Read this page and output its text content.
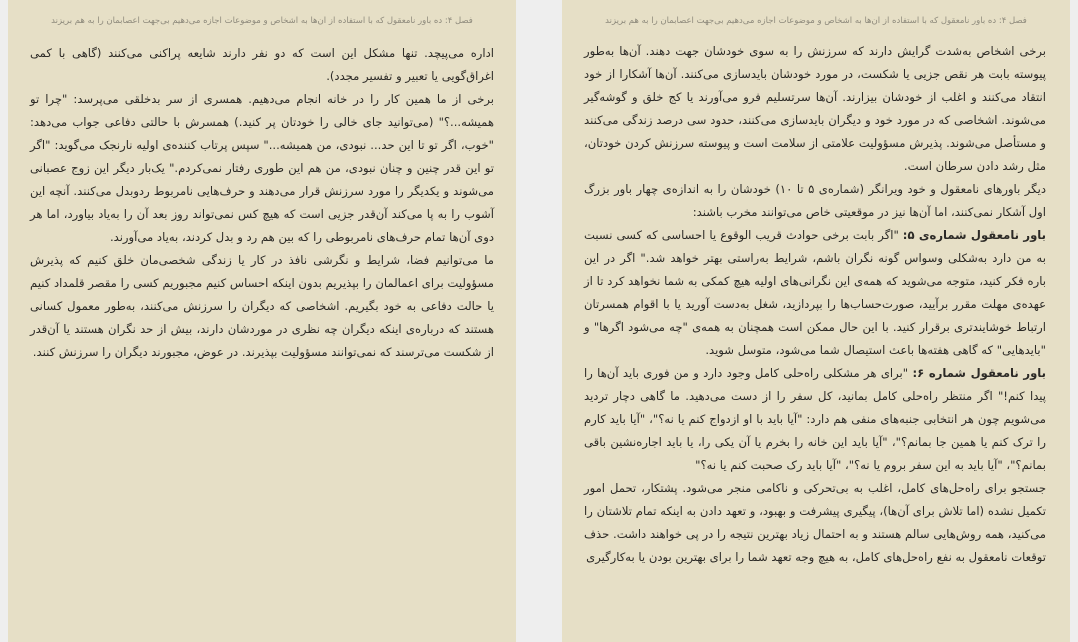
فصل ۴: ده باور نامعقول که با استفاده از آن‌ها به اشخاص و موضوعات اجازه می‌دهیم بی‌جهت اعصابمان را به هم بریزند

اداره می‌پیچد. تنها مشکل این است که دو نفر دارند شایعه پراکنی می‌کنند (گاهی با کمی اغراق‌گویی یا تعبیر و تفسیر مجدد).

برخی از ما همین کار را در خانه انجام می‌دهیم. همسری از سر بدخلقی می‌پرسد: "چرا تو همیشه...؟" (می‌توانید جای خالی را خودتان پر کنید.) همسرش با حالتی دفاعی جواب می‌دهد: "خوب، اگر تو تا این حد... نبودی، من همیشه..." سپس پرتاب کننده‌ی اولیه نارنجک می‌گوید: "اگر تو این قدر چنین و چنان نبودی، من هم این طوری رفتار نمی‌کردم." یک‌بار دیگر این زوج عصبانی می‌شوند و یکدیگر را مورد سرزنش قرار می‌دهند و حرف‌هایی نامربوط ردوبدل می‌کنند. آنچه این آشوب را به پا می‌کند آن‌قدر جزیی است که هیچ کس نمی‌تواند روز بعد آن را به‌یاد بیاورد، اما هر دوی آن‌ها تمام حرف‌های نامربوطی را که بین هم رد و بدل کردند، به‌یاد می‌آورند.

ما می‌توانیم فضا، شرایط و نگرشی نافذ در کار یا زندگی شخصی‌مان خلق کنیم که پذیرش مسؤولیت برای اعمالمان را بپذیریم بدون اینکه احساس کنیم مجبوریم کسی را مقصر قلمداد کنیم یا حالت دفاعی به خود بگیریم. اشخاصی که دیگران را سرزنش می‌کنند، به‌طور معمول کسانی هستند که درباره‌ی اینکه دیگران چه نظری در موردشان دارند، بیش از حد نگران هستند یا آن‌قدر از شکست می‌ترسند که نمی‌توانند مسؤولیت بپذیرند. در عوض، مجبورند دیگران را سرزنش کنند.

فصل ۴: ده باور نامعقول که با استفاده از آن‌ها به اشخاص و موضوعات اجازه می‌دهیم بی‌جهت اعصابمان را به هم بریزند

برخی اشخاص به‌شدت گرایش دارند که سرزنش را به سوی خودشان جهت دهند. آن‌ها به‌طور پیوسته بابت هر نقص جزیی یا شکست، در مورد خودشان بایدسازی می‌کنند. آن‌ها آشکارا از خود انتقاد می‌کنند و اغلب از خودشان بیزارند. آن‌ها سرتسلیم فرو می‌آورند یا کج خلق و گوشه‌گیر می‌شوند. اشخاصی که در مورد خود و دیگران بایدسازی می‌کنند، حدود سی درصد زندگی می‌کنند و مستأصل می‌شوند. پذیرش مسؤولیت علامتی از سلامت است و پیوسته سرزنش کردن خودتان، مثل رشد دادن سرطان است.

دیگر باورهای نامعقول و خود ویرانگر (شماره‌ی ۵ تا ۱۰) خودشان را به اندازه‌ی چهار باور بزرگ اول آشکار نمی‌کنند، اما آن‌ها نیز در موقعیتی خاص می‌توانند مخرب باشند:

باور نامعقول شماره‌ی ۵: "اگر بابت برخی حوادث قریب الوقوع یا احساسی که کسی نسبت به من دارد به‌شکلی وسواس گونه نگران باشم، شرایط به‌راستی بهتر خواهد شد." اگر در این باره فکر کنید، متوجه می‌شوید که همه‌ی این نگرانی‌های اولیه هیچ کمکی به شما نخواهد کرد تا از عهده‌ی مهلت مقرر برآیید، صورت‌حساب‌ها را بپردازید، شغل به‌دست آورید یا با اقوام همسرتان ارتباط خوشایندتری برقرار کنید. با این حال ممکن است همچنان به همه‌ی "چه می‌شود اگرها" و "بایدهایی" که گاهی هفته‌ها باعث استیصال شما می‌شود، متوسل شوید.

باور نامعقول شماره ۶: "برای هر مشکلی راه‌حلی کامل وجود دارد و من فوری باید آن‌ها را پیدا کنم!" اگر منتظر راه‌حلی کامل بمانید، کل سفر را از دست می‌دهید. ما گاهی دچار تردید می‌شویم چون هر انتخابی جنبه‌های منفی هم دارد: "آیا باید با او ازدواج کنم یا نه؟"، "آیا باید کارم را ترک کنم یا همین جا بمانم؟"، "آیا باید این خانه را بخرم یا آن یکی را، یا باید اجاره‌نشین باقی بمانم؟"، "آیا باید به این سفر بروم یا نه؟"، "آیا باید رک صحبت کنم یا نه؟"

جستجو برای راه‌حل‌های کامل، اغلب به بی‌تحرکی و ناکامی منجر می‌شود. پشتکار، تحمل امور تکمیل نشده (اما تلاش برای آن‌ها)، پیگیری پیشرفت و بهبود، و تعهد دادن به اینکه تمام تلاشتان را می‌کنید، همه روش‌هایی سالم هستند و به احتمال زیاد بهترین نتیجه را در پی خواهند داشت. حذف توقعات نامعقول به نفع راه‌حل‌های کامل، به هیچ وجه تعهد شما را برای بهترین بودن یا به‌کارگیری
